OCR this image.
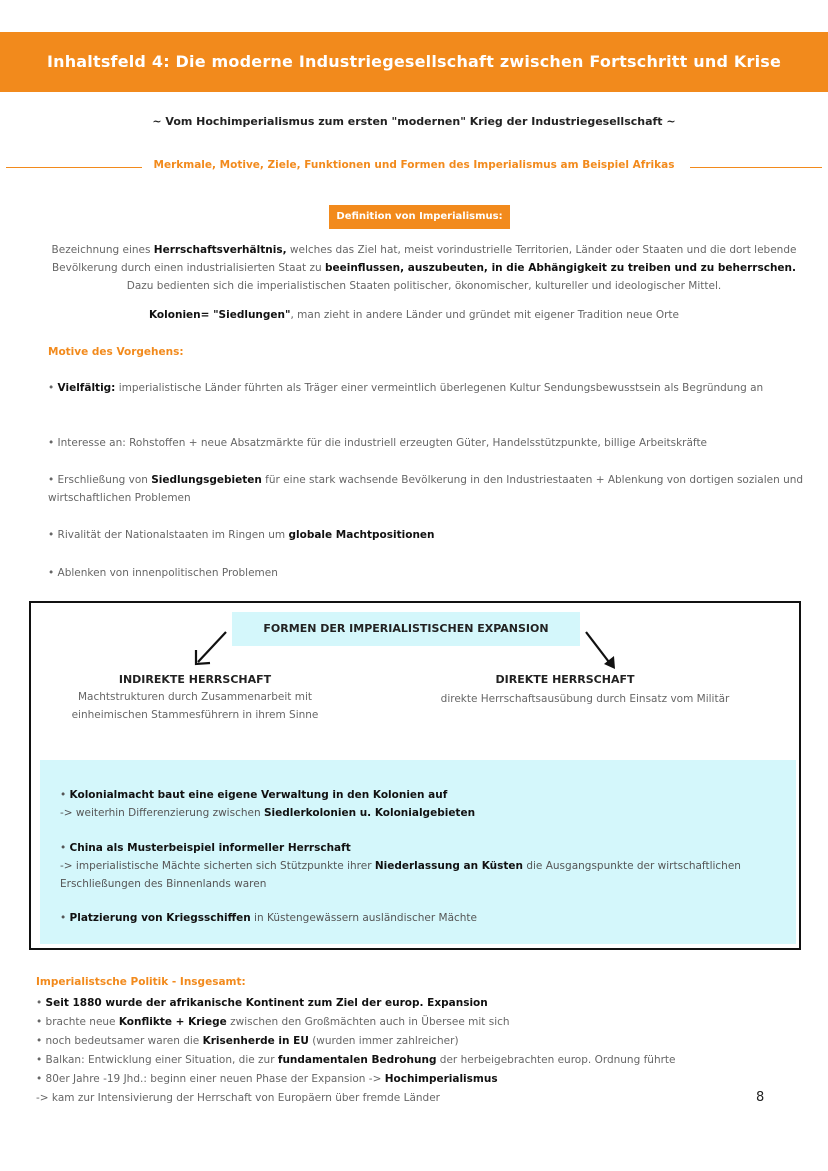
Inhaltsfeld 4: Die moderne Industriegesellschaft zwischen Fortschritt und Krise
~ Vom Hochimperialismus zum ersten "modernen" Krieg der Industriegesellschaft ~
Merkmale, Motive, Ziele, Funktionen und Formen des Imperialismus am Beispiel Afrikas
Definition von Imperialismus:
Bezeichnung eines Herrschaftsverhältnis, welches das Ziel hat, meist vorindustrielle Territorien, Länder oder Staaten und die dort lebende Bevölkerung durch einen industrialisierten Staat zu beeinflussen, auszubeuten, in die Abhängigkeit zu treiben und zu beherrschen. Dazu bedienten sich die imperialistischen Staaten politischer, ökonomischer, kultureller und ideologischer Mittel.
Kolonien= "Siedlungen", man zieht in andere Länder und gründet mit eigener Tradition neue Orte
Motive des Vorgehens:
• Vielfältig: imperialistische Länder führten als Träger einer vermeintlich überlegenen Kultur Sendungsbewusstsein als Begründung an
• Interesse an: Rohstoffen + neue Absatzmärkte für die industriell erzeugten Güter, Handelsstützpunkte, billige Arbeitskräfte
• Erschließung von Siedlungsgebieten für eine stark wachsende Bevölkerung in den Industriestaaten + Ablenkung von dortigen sozialen und wirtschaftlichen Problemen
• Rivalität der Nationalstaaten im Ringen um globale Machtpositionen
• Ablenken von innenpolitischen Problemen
FORMEN DER IMPERIALISTISCHEN EXPANSION
INDIREKTE HERRSCHAFT
Machtstrukturen durch Zusammenarbeit mit
einheimischen Stammesführern in ihrem Sinne
DIREKTE HERRSCHAFT
direkte Herrschaftsausübung durch Einsatz vom Militär
• Kolonialmacht baut eine eigene Verwaltung in den Kolonien auf
-> weiterhin Differenzierung zwischen Siedlerkolonien u. Kolonialgebieten
• China als Musterbeispiel informeller Herrschaft
-> imperialistische Mächte sicherten sich Stützpunkte ihrer Niederlassung an Küsten die Ausgangspunkte der wirtschaftlichen Erschließungen des Binnenlands waren
• Platzierung von Kriegsschiffen in Küstengewässern ausländischer Mächte
Imperialistsche Politik - Insgesamt:
• Seit 1880 wurde der afrikanische Kontinent zum Ziel der europ. Expansion
• brachte neue Konflikte + Kriege zwischen den Großmächten auch in Übersee mit sich
• noch bedeutsamer waren die Krisenherde in EU (wurden immer zahlreicher)
• Balkan: Entwicklung einer Situation, die zur fundamentalen Bedrohung der herbeigebrachten europ. Ordnung führte
• 80er Jahre -19 Jhd.: beginn einer neuen Phase der Expansion -> Hochimperialismus
-> kam zur Intensivierung der Herrschaft von Europäern über fremde Länder	8
